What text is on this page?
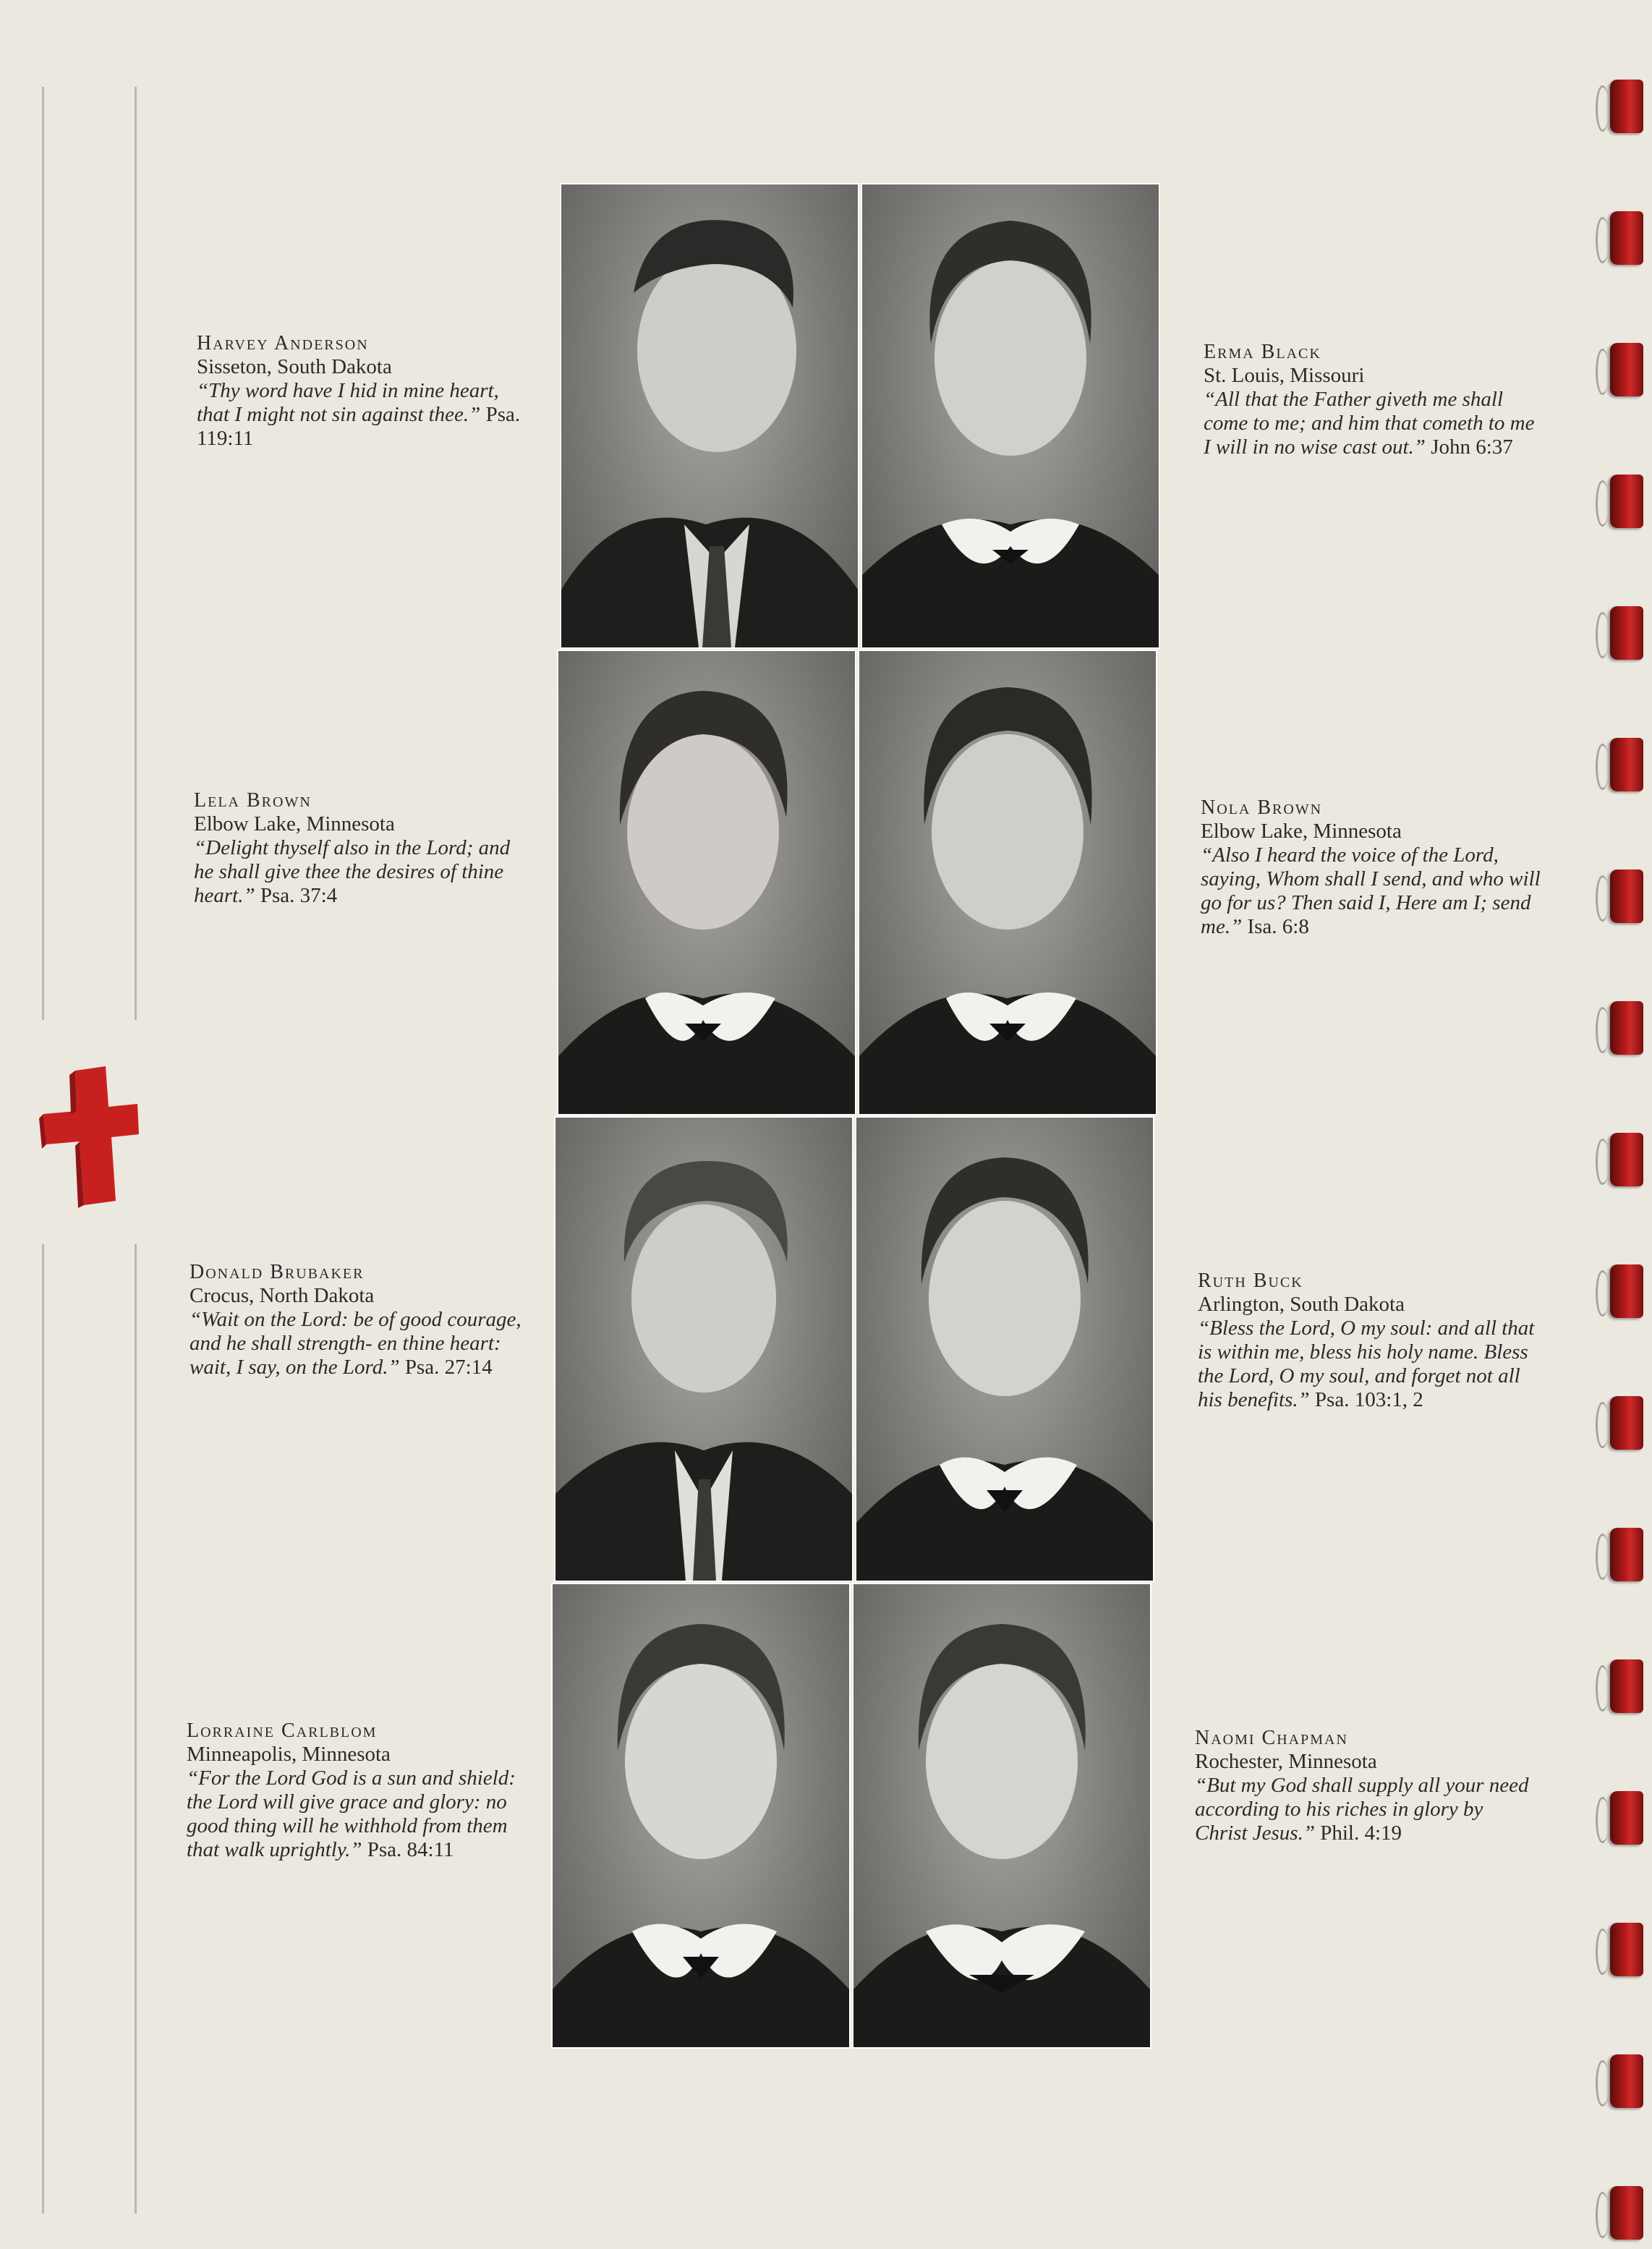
Harvey Anderson
Sisseton, South Dakota
“Thy word have I hid in mine heart, that I might not sin against thee.” Psa. 119:11
Erma Black
St. Louis, Missouri
“All that the Father giveth me shall come to me; and him that cometh to me I will in no wise cast out.” John 6:37
Lela Brown
Elbow Lake, Minnesota
“Delight thyself also in the Lord; and he shall give thee the desires of thine heart.” Psa. 37:4
Nola Brown
Elbow Lake, Minnesota
“Also I heard the voice of the Lord, saying, Whom shall I send, and who will go for us? Then said I, Here am I; send me.” Isa. 6:8
Donald Brubaker
Crocus, North Dakota
“Wait on the Lord: be of good courage, and he shall strength- en thine heart: wait, I say, on the Lord.” Psa. 27:14
Ruth Buck
Arlington, South Dakota
“Bless the Lord, O my soul: and all that is within me, bless his holy name. Bless the Lord, O my soul, and forget not all his benefits.” Psa. 103:1, 2
Lorraine Carlblom
Minneapolis, Minnesota
“For the Lord God is a sun and shield: the Lord will give grace and glory: no good thing will he withhold from them that walk uprightly.” Psa. 84:11
Naomi Chapman
Rochester, Minnesota
“But my God shall supply all your need according to his riches in glory by Christ Jesus.” Phil. 4:19
